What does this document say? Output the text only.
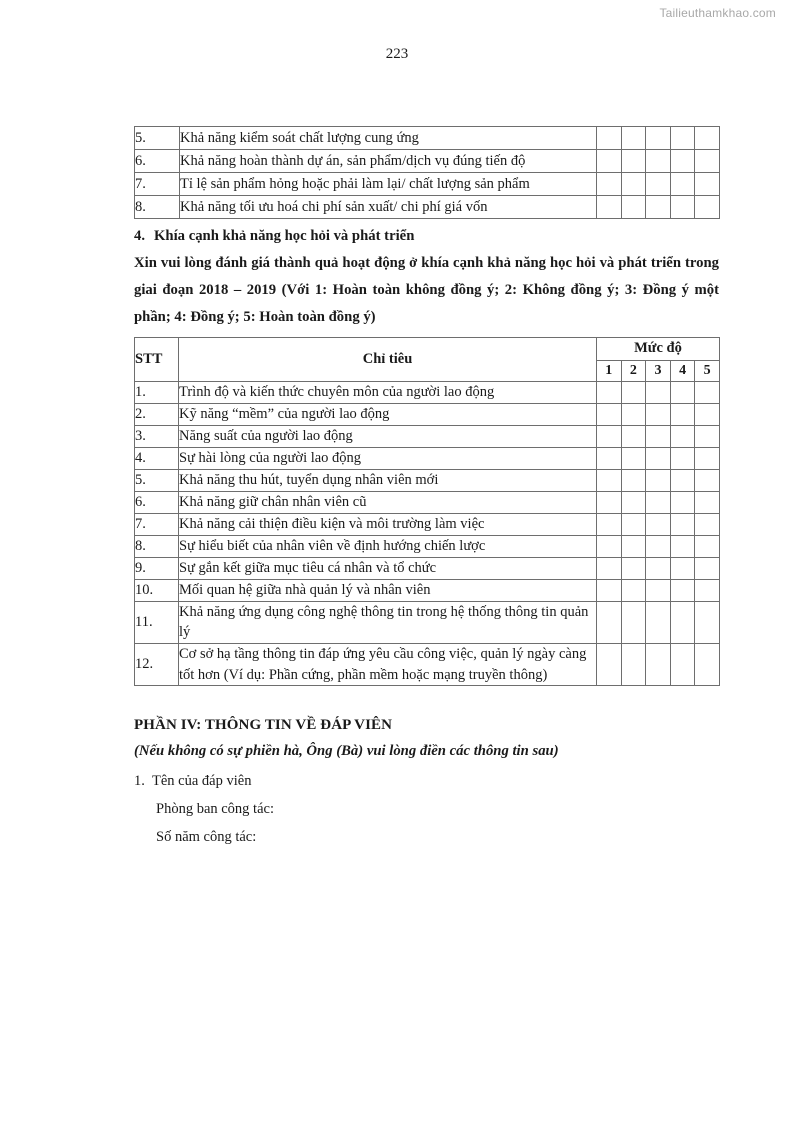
Tailieuthamkhao.com
223
5.	Khả năng kiểm soát chất lượng cung ứng					
6.	Khả năng hoàn thành dự án, sản phẩm/dịch vụ đúng tiến độ					
7.	Tỉ lệ sản phẩm hỏng hoặc phải làm lại/ chất lượng sản phẩm					
8.	Khả năng tối ưu hoá chi phí sản xuất/ chi phí giá vốn					

4. Khía cạnh khả năng học hỏi và phát triển

Xin vui lòng đánh giá thành quả hoạt động ở khía cạnh khả năng học hỏi và phát triển trong giai đoạn 2018 – 2019 (Với 1: Hoàn toàn không đồng ý; 2: Không đồng ý; 3: Đồng ý một phần; 4: Đồng ý; 5: Hoàn toàn đồng ý)

STT	Chỉ tiêu	Mức độ				
		1	2	3	4	5
1.	Trình độ và kiến thức chuyên môn của người lao động					
2.	Kỹ năng “mềm” của người lao động					
3.	Năng suất của người lao động					
4.	Sự hài lòng của người lao động					
5.	Khả năng thu hút, tuyển dụng nhân viên mới					
6.	Khả năng giữ chân nhân viên cũ					
7.	Khả năng cải thiện điều kiện và môi trường làm việc					
8.	Sự hiểu biết của nhân viên về định hướng chiến lược					
9.	Sự gắn kết giữa mục tiêu cá nhân và tổ chức					
10.	Mối quan hệ giữa nhà quản lý và nhân viên					
11.	Khả năng ứng dụng công nghệ thông tin trong hệ thống thông tin quản lý					
12.	Cơ sở hạ tầng thông tin đáp ứng yêu cầu công việc, quản lý ngày càng tốt hơn (Ví dụ: Phần cứng, phần mềm hoặc mạng truyền thông)					

PHẦN IV: THÔNG TIN VỀ ĐÁP VIÊN

(Nếu không có sự phiền hà, Ông (Bà) vui lòng điền các thông tin sau)

1. Tên của đáp viên
Phòng ban công tác:
Số năm công tác:
